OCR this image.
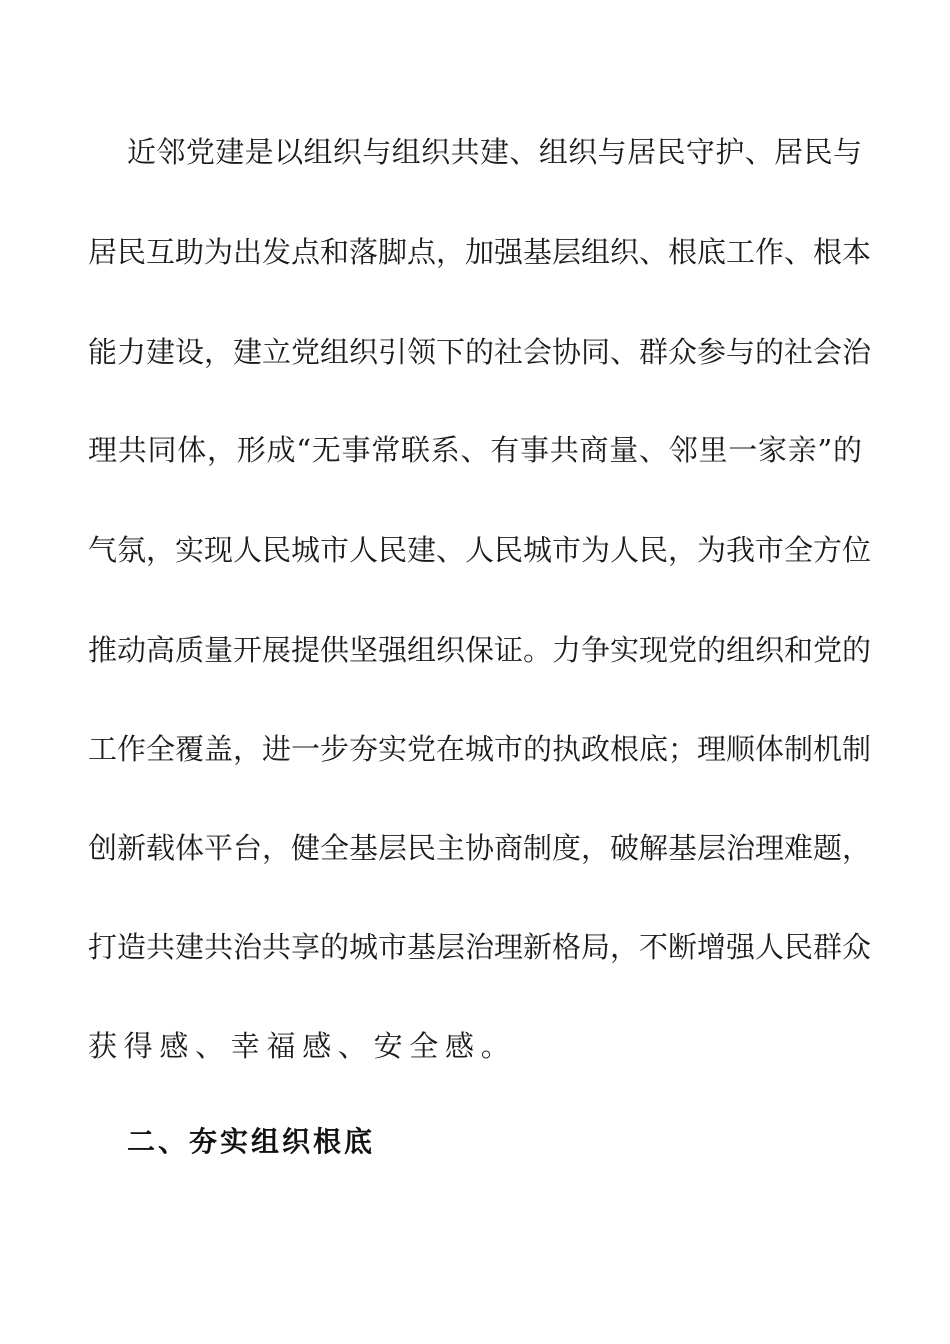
近邻党建是以组织与组织共建、组织与居民守护、居民与
居民互助为出发点和落脚点，加强基层组织、根底工作、根本
能力建设，建立党组织引领下的社会协同、群众参与的社会治
理共同体，形成“无事常联系、有事共商量、邻里一家亲”的
气氛，实现人民城市人民建、人民城市为人民，为我市全方位
推动高质量开展提供坚强组织保证。力争实现党的组织和党的
工作全覆盖，进一步夯实党在城市的执政根底；理顺体制机制
创新载体平台，健全基层民主协商制度，破解基层治理难题，
打造共建共治共享的城市基层治理新格局，不断增强人民群众
获得感、幸福感、安全感。
二、夯实组织根底
